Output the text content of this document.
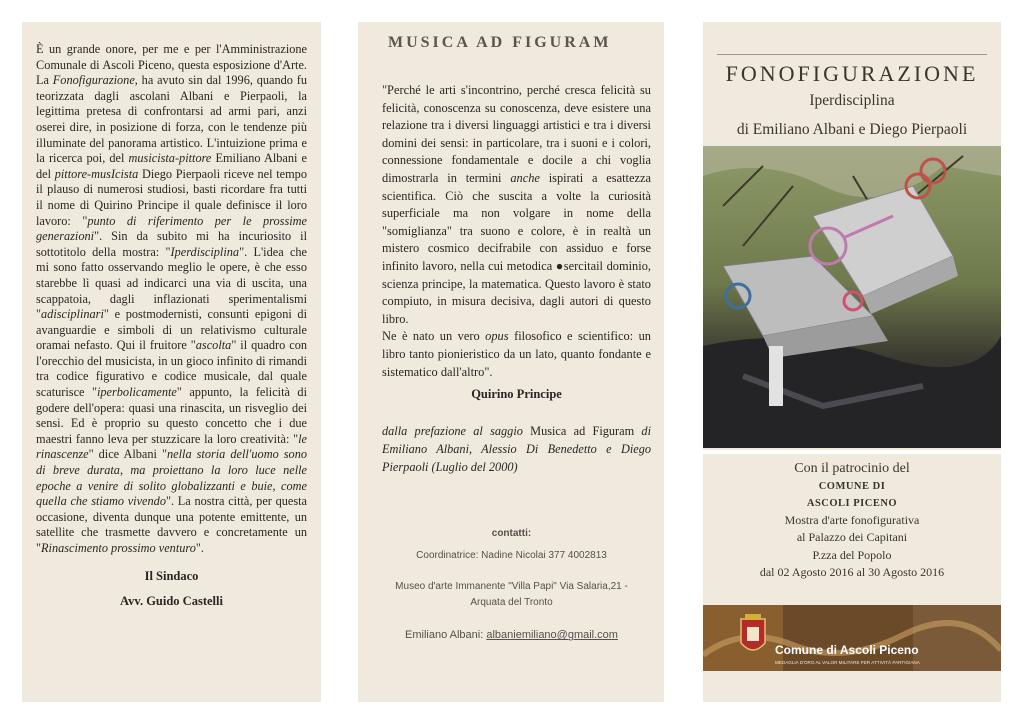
È un grande onore, per me e per l'Amministrazione Comunale di Ascoli Piceno, questa esposizione d'Arte. La Fonofigurazione, ha avuto sin dal 1996, quando fu teorizzata dagli ascolani Albani e Pierpaoli, la legittima pretesa di confrontarsi ad armi pari, anzi oserei dire, in posizione di forza, con le tendenze più illuminate del panorama artistico. L'intuizione prima e la ricerca poi, del musicista-pittore Emiliano Albani e del pittore-musIcista Diego Pierpaoli riceve nel tempo il plauso di numerosi studiosi, basti ricordare fra tutti il nome di Quirino Principe il quale definisce il loro lavoro: "punto di riferimento per le prossime generazioni". Sin da subito mi ha incuriosito il sottotitolo della mostra: "Iperdisciplina". L'idea che mi sono fatto osservando meglio le opere, è che esso starebbe lì quasi ad indicarci una via di uscita, una scappatoia, dagli inflazionati sperimentalismi "adisciplinari" e postmodernisti, consunti epigoni di avanguardie e simboli di un relativismo culturale oramai nefasto. Qui il fruitore "ascolta" il quadro con l'orecchio del musicista, in un gioco infinito di rimandi tra codice figurativo e codice musicale, dal quale scaturisce "iperbolicamente" appunto, la felicità di godere dell'opera: quasi una rinascita, un risveglio dei sensi. Ed è proprio su questo concetto che i due maestri fanno leva per stuzzicare la loro creatività: "le rinascenze" dice Albani "nella storia dell'uomo sono di breve durata, ma proiettano la loro luce nelle epoche a venire di solito globalizzanti e buie, come quella che stiamo vivendo". La nostra città, per questa occasione, diventa dunque una potente emittente, un satellite che trasmette davvero e concretamente un "Rinascimento prossimo venturo".

Il Sindaco

Avv. Guido Castelli

MUSICA AD FIGURAM

"Perché le arti s'incontrino, perché cresca felicità su felicità, conoscenza su conoscenza, deve esistere una relazione tra i diversi linguaggi artistici e tra i diversi domini dei sensi: in particolare, tra i suoni e i colori, connessione fondamentale e docile a chi voglia dimostrarla in termini anche ispirati a esattezza scientifica. Ciò che suscita a volte la curiosità superficiale ma non volgare in nome della "somiglianza" tra suono e colore, è in realtà un mistero cosmico decifrabile con assiduo e forse infinito lavoro, nella cui metodica ●sercitail dominio, scienza principe, la matematica. Questo lavoro è stato compiuto, in misura decisiva, dagli autori di questo libro.
Ne è nato un vero opus filosofico e scientifico: un libro tanto pionieristico da un lato, quanto fondante e sistematico dall'altro".

Quirino Principe

dalla prefazione al saggio Musica ad Figuram di Emiliano Albani, Alessio Di Benedetto e Diego Pierpaoli (Luglio del 2000)

contatti:
Coordinatrice: Nadine Nicolai 377 4002813
Museo d'arte Immanente "Villa Papi" Via Salaria,21 -
Arquata del Tronto
Emiliano Albani: albaniemiliano@gmail.com
FONOFIGURAZIONE
Iperdisciplina
di Emiliano Albani e Diego Pierpaoli
Con il patrocinio del
COMUNE DI
ASCOLI PICENO
Mostra d'arte fonofigurativa
al Palazzo dei Capitani
P.zza del Popolo
dal 02 Agosto 2016 al 30 Agosto 2016
Comune di Ascoli Piceno
MEDAGLIA D'ORO AL VALOR MILITARE PER ATTIVITÀ PARTIGIANA
